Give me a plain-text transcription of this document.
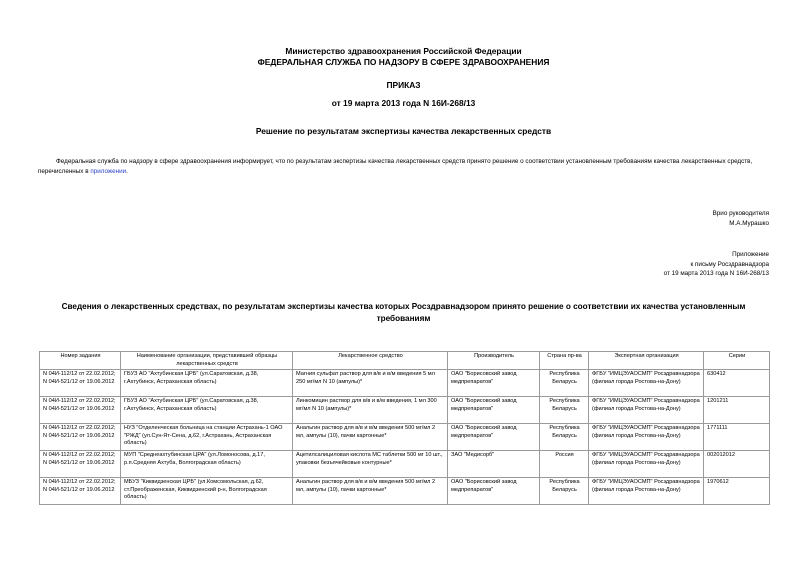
Министерство здравоохранения Российской Федерации
ФЕДЕРАЛЬНАЯ СЛУЖБА ПО НАДЗОРУ В СФЕРЕ ЗДРАВООХРАНЕНИЯ
ПРИКАЗ
от 19 марта 2013 года N 16И-268/13
Решение по результатам экспертизы качества лекарственных средств
Федеральная служба по надзору в сфере здравоохранения информирует, что по результатам экспертизы качества лекарственных средств принято решение о соответствии установленным требованиям качества лекарственных средств, перечисленных в приложении.
Врио руководителя
М.А.Мурашко
Приложение
к письму Росздравнадзора
от 19 марта 2013 года N 16И-268/13
Сведения о лекарственных средствах, по результатам экспертизы качества которых Росздравнадзором принято решение о соответствии их качества установленным требованиям
Номер задания	Наименование организации, представившей образцы лекарственных средств	Лекарственное средство	Производитель	Страна пр-ва	Экспертная организация	Серии
N 04И-112/12 от 22.02.2012; N 04И-521/12 от 19.06.2012	ГБУЗ АО "Ахтубинская ЦРБ" (ул.Саратовская, д.38, г.Ахтубинск, Астраханская область)	Магния сульфат раствор для в/в и в/м введения 5 мл 250 мг/мл N 10 (ампулы)*	ОАО "Борисовский завод медпрепаратов"	Республика Беларусь	ФГБУ "ИМЦЭУАОСМП" Росздравнадзора (филиал города Ростова-на-Дону)	630412
N 04И-112/12 от 22.02.2012; N 04И-521/12 от 19.06.2012	ГБУЗ АО "Ахтубинская ЦРБ" (ул.Саратовская, д.38, г.Ахтубинск, Астраханская область)	Линкомицин раствор для в/в и в/м введения, 1 мл 300 мг/мл N 10 (ампулы)*	ОАО "Борисовский завод медпрепаратов"	Республика Беларусь	ФГБУ "ИМЦЭУАОСМП" Росздравнадзора (филиал города Ростова-на-Дону)	1201211
N 04И-112/12 от 22.02.2012; N 04И-521/12 от 19.06.2012	НУЗ "Отделенческая больница на станции Астрахань-1 ОАО "РЖД" (ул.Сун-Ят-Сена, д.62, г.Астрахань, Астраханская область)	Анальгин раствор для в/в и в/м введения 500 мг/мл 2 мл, ампулы (10), пачки картонные*	ОАО "Борисовский завод медпрепаратов"	Республика Беларусь	ФГБУ "ИМЦЭУАОСМП" Росздравнадзора (филиал города Ростова-на-Дону)	1771111
N 04И-112/12 от 22.02.2012; N 04И-521/12 от 19.06.2012	МУП "Среднеахтубинская ЦРА" (ул.Ломоносова, д.17, р.п.Средняя Ахтуба, Волгоградская область)	Ацетилсалициловая кислота МС таблетки 500 мг 10 шт., упаковки безъячейковые контурные*	ЗАО "Медисорб"	Россия	ФГБУ "ИМЦЭУАОСМП" Росздравнадзора (филиал города Ростова-на-Дону)	002012012
N 04И-112/12 от 22.02.2012; N 04И-521/12 от 19.06.2012	МБУЗ "Киквидзенская ЦРБ" (ул.Комсомольская, д.62, ст.Преображенская, Киквидзенский р-н, Волгоградская область)	Анальгин раствор для в/в и в/м введения 500 мг/мл 2 мл, ампулы (10), пачки картонные*	ОАО "Борисовский завод медпрепаратов"	Республика Беларусь	ФГБУ "ИМЦЭУАОСМП" Росздравнадзора (филиал города Ростова-на-Дону)	1970612
